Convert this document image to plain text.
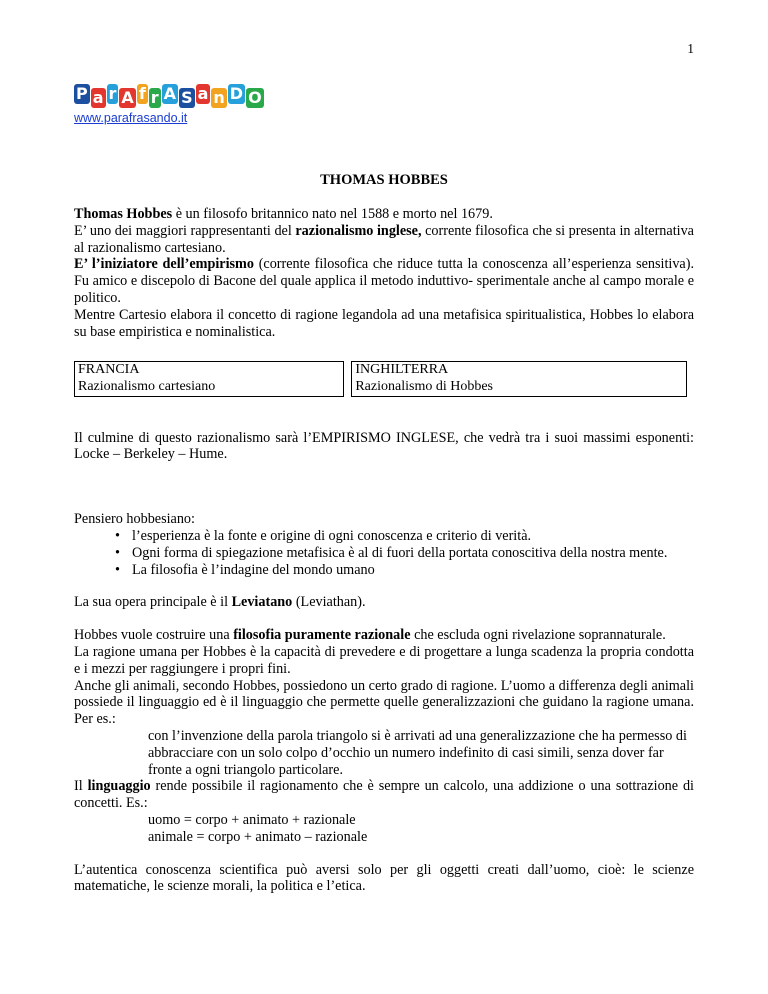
1
P a r A f r A S a n D O
www.parafrasando.it
THOMAS HOBBES

Thomas Hobbes è un filosofo britannico nato nel 1588 e morto nel 1679.

E’ uno dei maggiori rappresentanti del razionalismo inglese, corrente filosofica che si presenta in alternativa al razionalismo cartesiano.

E’ l’iniziatore dell’empirismo (corrente filosofica che riduce tutta la conoscenza all’esperienza sensitiva). Fu amico e discepolo di Bacone del quale applica il metodo induttivo- sperimentale anche al campo morale e politico.

Mentre Cartesio elabora il concetto di ragione legandola ad una metafisica spiritualistica, Hobbes lo elabora su base empiristica e nominalistica.

FRANCIA
Razionalismo cartesiano

INGHILTERRA
Razionalismo di Hobbes

Il culmine di questo razionalismo sarà l’EMPIRISMO INGLESE, che vedrà tra i suoi massimi esponenti: Locke – Berkeley – Hume.

Pensiero hobbesiano:

• l’esperienza è la fonte e origine di ogni conoscenza e criterio di verità.
• Ogni forma di spiegazione metafisica è al di fuori della portata conoscitiva della nostra mente.
• La filosofia è l’indagine del mondo umano

La sua opera principale è il Leviatano (Leviathan).

Hobbes vuole costruire una filosofia puramente razionale che escluda ogni rivelazione soprannaturale.

La ragione umana per Hobbes è la capacità di prevedere e di progettare a lunga scadenza la propria condotta e i mezzi per raggiungere i propri fini.

Anche gli animali, secondo Hobbes, possiedono un certo grado di ragione. L’uomo a differenza degli animali possiede il linguaggio ed è il linguaggio che permette quelle generalizzazioni che guidano la ragione umana. Per es.:

con l’invenzione della parola triangolo si è arrivati ad una generalizzazione che ha permesso di abbracciare con un solo colpo d’occhio un numero indefinito di casi simili, senza dover far fronte a ogni triangolo particolare.

Il linguaggio rende possibile il ragionamento che è sempre un calcolo, una addizione o una sottrazione di concetti. Es.:

uomo = corpo + animato + razionale

animale = corpo + animato – razionale

L’autentica conoscenza scientifica può aversi solo per gli oggetti creati dall’uomo, cioè: le scienze matematiche, le scienze morali, la politica e l’etica.
